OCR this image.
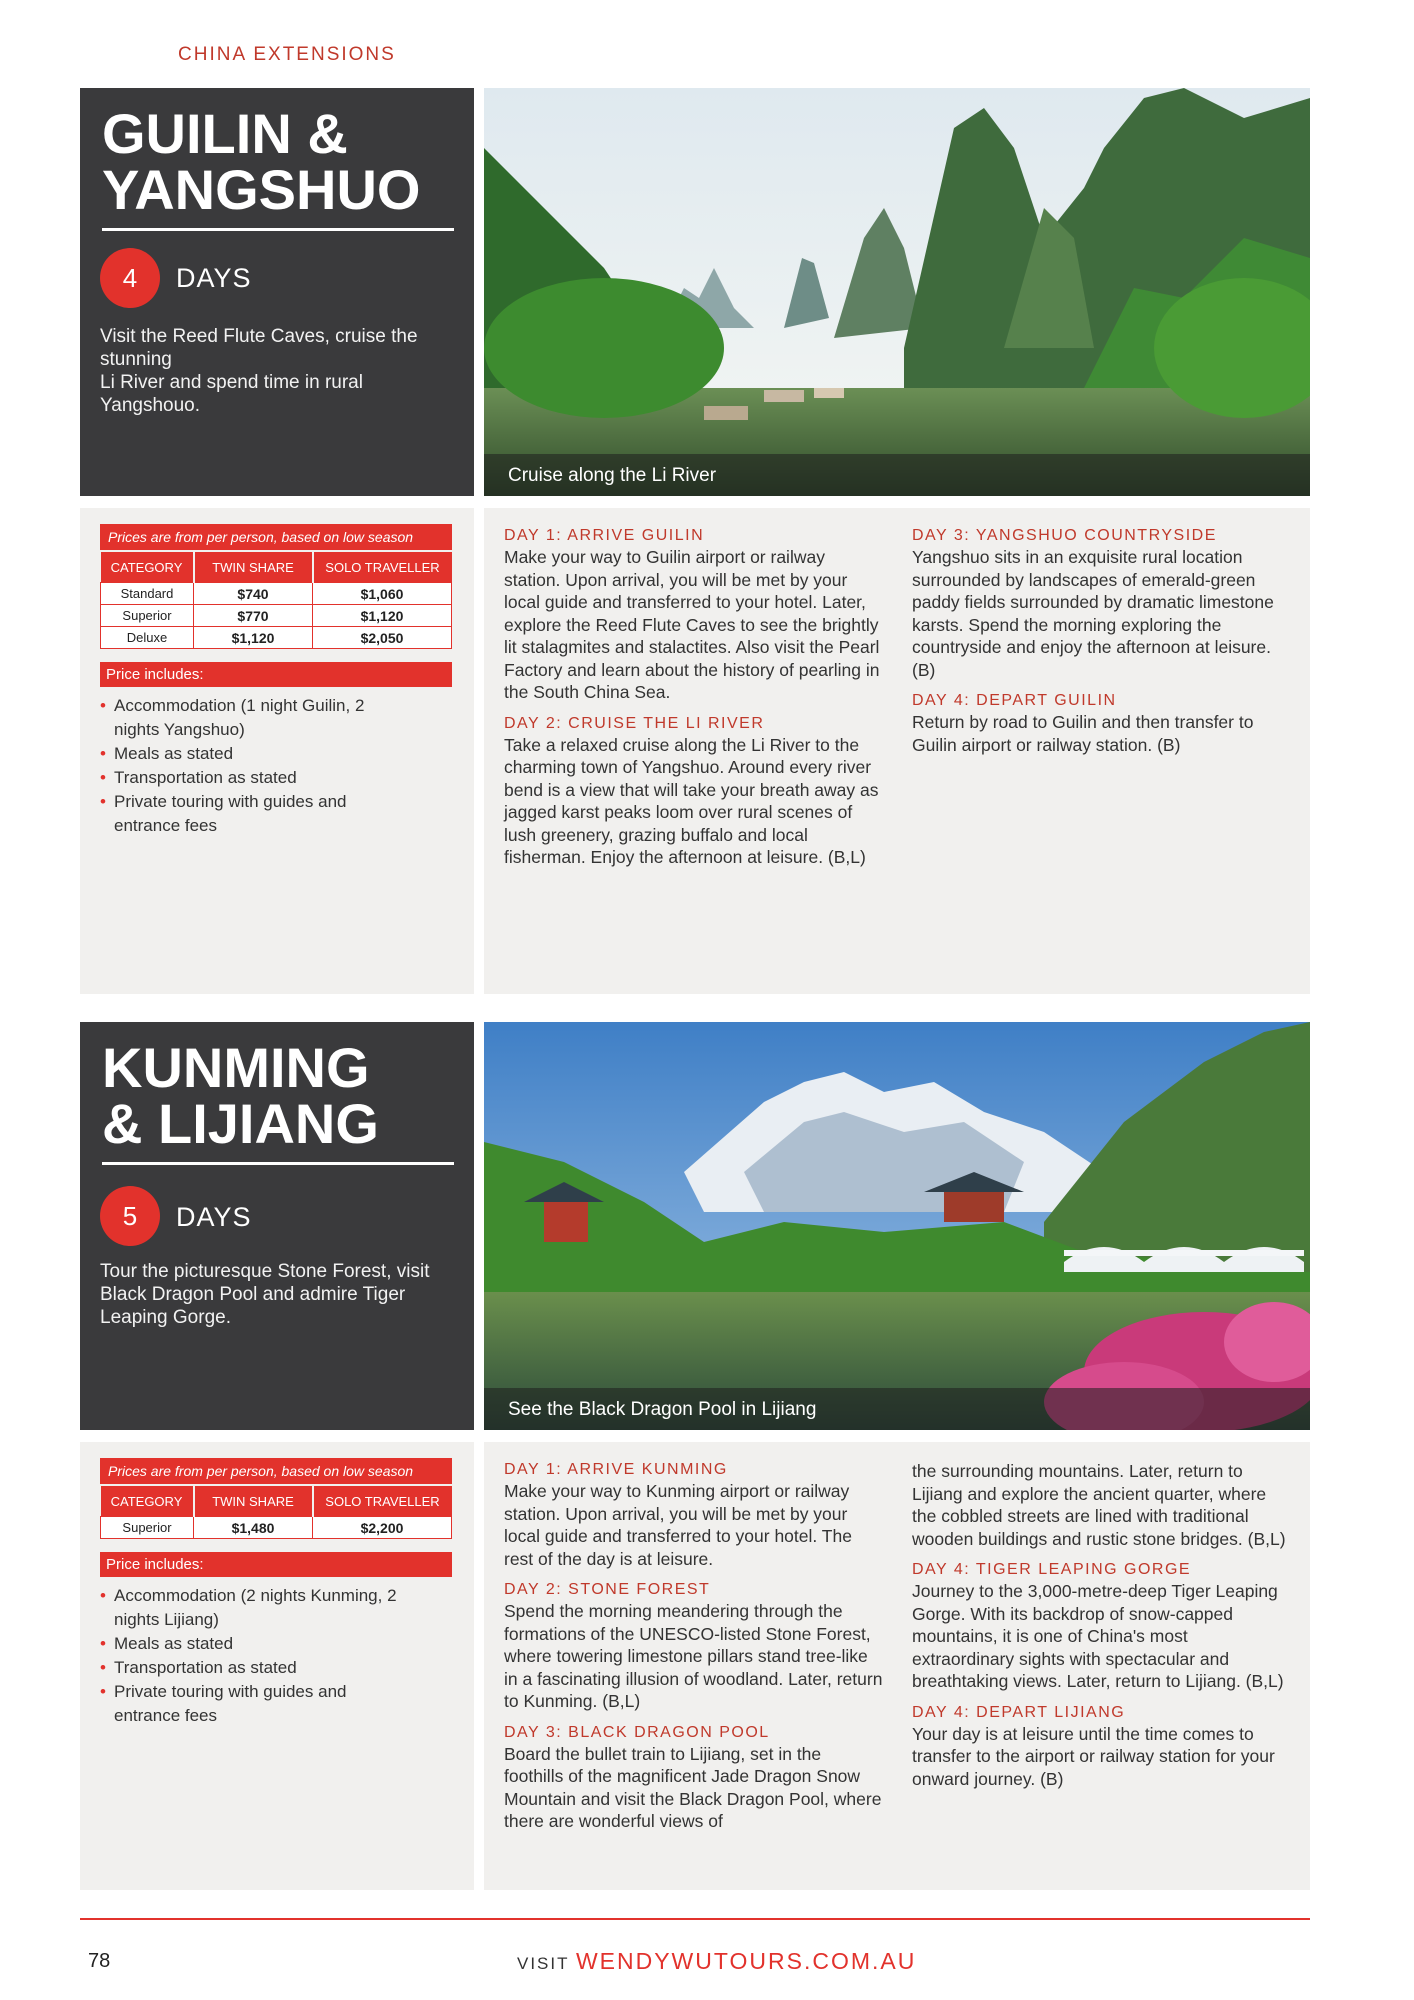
CHINA EXTENSIONS
GUILIN &
YANGSHUO
4	DAYS
Visit the Reed Flute Caves, cruise the stunning
Li River and spend time in rural Yangshouo.
Cruise along the Li River
Prices are from per person, based on low season
CATEGORY	TWIN SHARE	SOLO TRAVELLER
Standard	$740	$1,060
Superior	$770	$1,120
Deluxe	$1,120	$2,050
Price includes:
• Accommodation (1 night Guilin, 2 nights Yangshuo)
• Meals as stated
• Transportation as stated
• Private touring with guides and entrance fees
DAY 1: ARRIVE GUILIN
Make your way to Guilin airport or railway station. Upon arrival, you will be met by your local guide and transferred to your hotel. Later, explore the Reed Flute Caves to see the brightly lit stalagmites and stalactites. Also visit the Pearl Factory and learn about the history of pearling in the South China Sea.
DAY 2: CRUISE THE LI RIVER
Take a relaxed cruise along the Li River to the charming town of Yangshuo. Around every river bend is a view that will take your breath away as jagged karst peaks loom over rural scenes of lush greenery, grazing buffalo and local fisherman. Enjoy the afternoon at leisure. (B,L)
DAY 3: YANGSHUO COUNTRYSIDE
Yangshuo sits in an exquisite rural location surrounded by landscapes of emerald-green paddy fields surrounded by dramatic limestone karsts. Spend the morning exploring the countryside and enjoy the afternoon at leisure. (B)
DAY 4: DEPART GUILIN
Return by road to Guilin and then transfer to Guilin airport or railway station. (B)
KUNMING
& LIJIANG
5	DAYS
Tour the picturesque Stone Forest, visit Black Dragon Pool and admire Tiger Leaping Gorge.
See the Black Dragon Pool in Lijiang
Prices are from per person, based on low season
CATEGORY	TWIN SHARE	SOLO TRAVELLER
Superior	$1,480	$2,200
Price includes:
• Accommodation (2 nights Kunming, 2 nights Lijiang)
• Meals as stated
• Transportation as stated
• Private touring with guides and entrance fees
DAY 1: ARRIVE KUNMING
Make your way to Kunming airport or railway station. Upon arrival, you will be met by your local guide and transferred to your hotel. The rest of the day is at leisure.
DAY 2: STONE FOREST
Spend the morning meandering through the formations of the UNESCO-listed Stone Forest, where towering limestone pillars stand tree-like in a fascinating illusion of woodland. Later, return to Kunming. (B,L)
DAY 3: BLACK DRAGON POOL
Board the bullet train to Lijiang, set in the foothills of the magnificent Jade Dragon Snow Mountain and visit the Black Dragon Pool, where there are wonderful views of
the surrounding mountains. Later, return to Lijiang and explore the ancient quarter, where the cobbled streets are lined with traditional wooden buildings and rustic stone bridges. (B,L)
DAY 4: TIGER LEAPING GORGE
Journey to the 3,000-metre-deep Tiger Leaping Gorge. With its backdrop of snow-capped mountains, it is one of China's most extraordinary sights with spectacular and breathtaking views. Later, return to Lijiang. (B,L)
DAY 4: DEPART LIJIANG
Your day is at leisure until the time comes to transfer to the airport or railway station for your onward journey. (B)
78	VISIT WENDYWUTOURS.COM.AU
